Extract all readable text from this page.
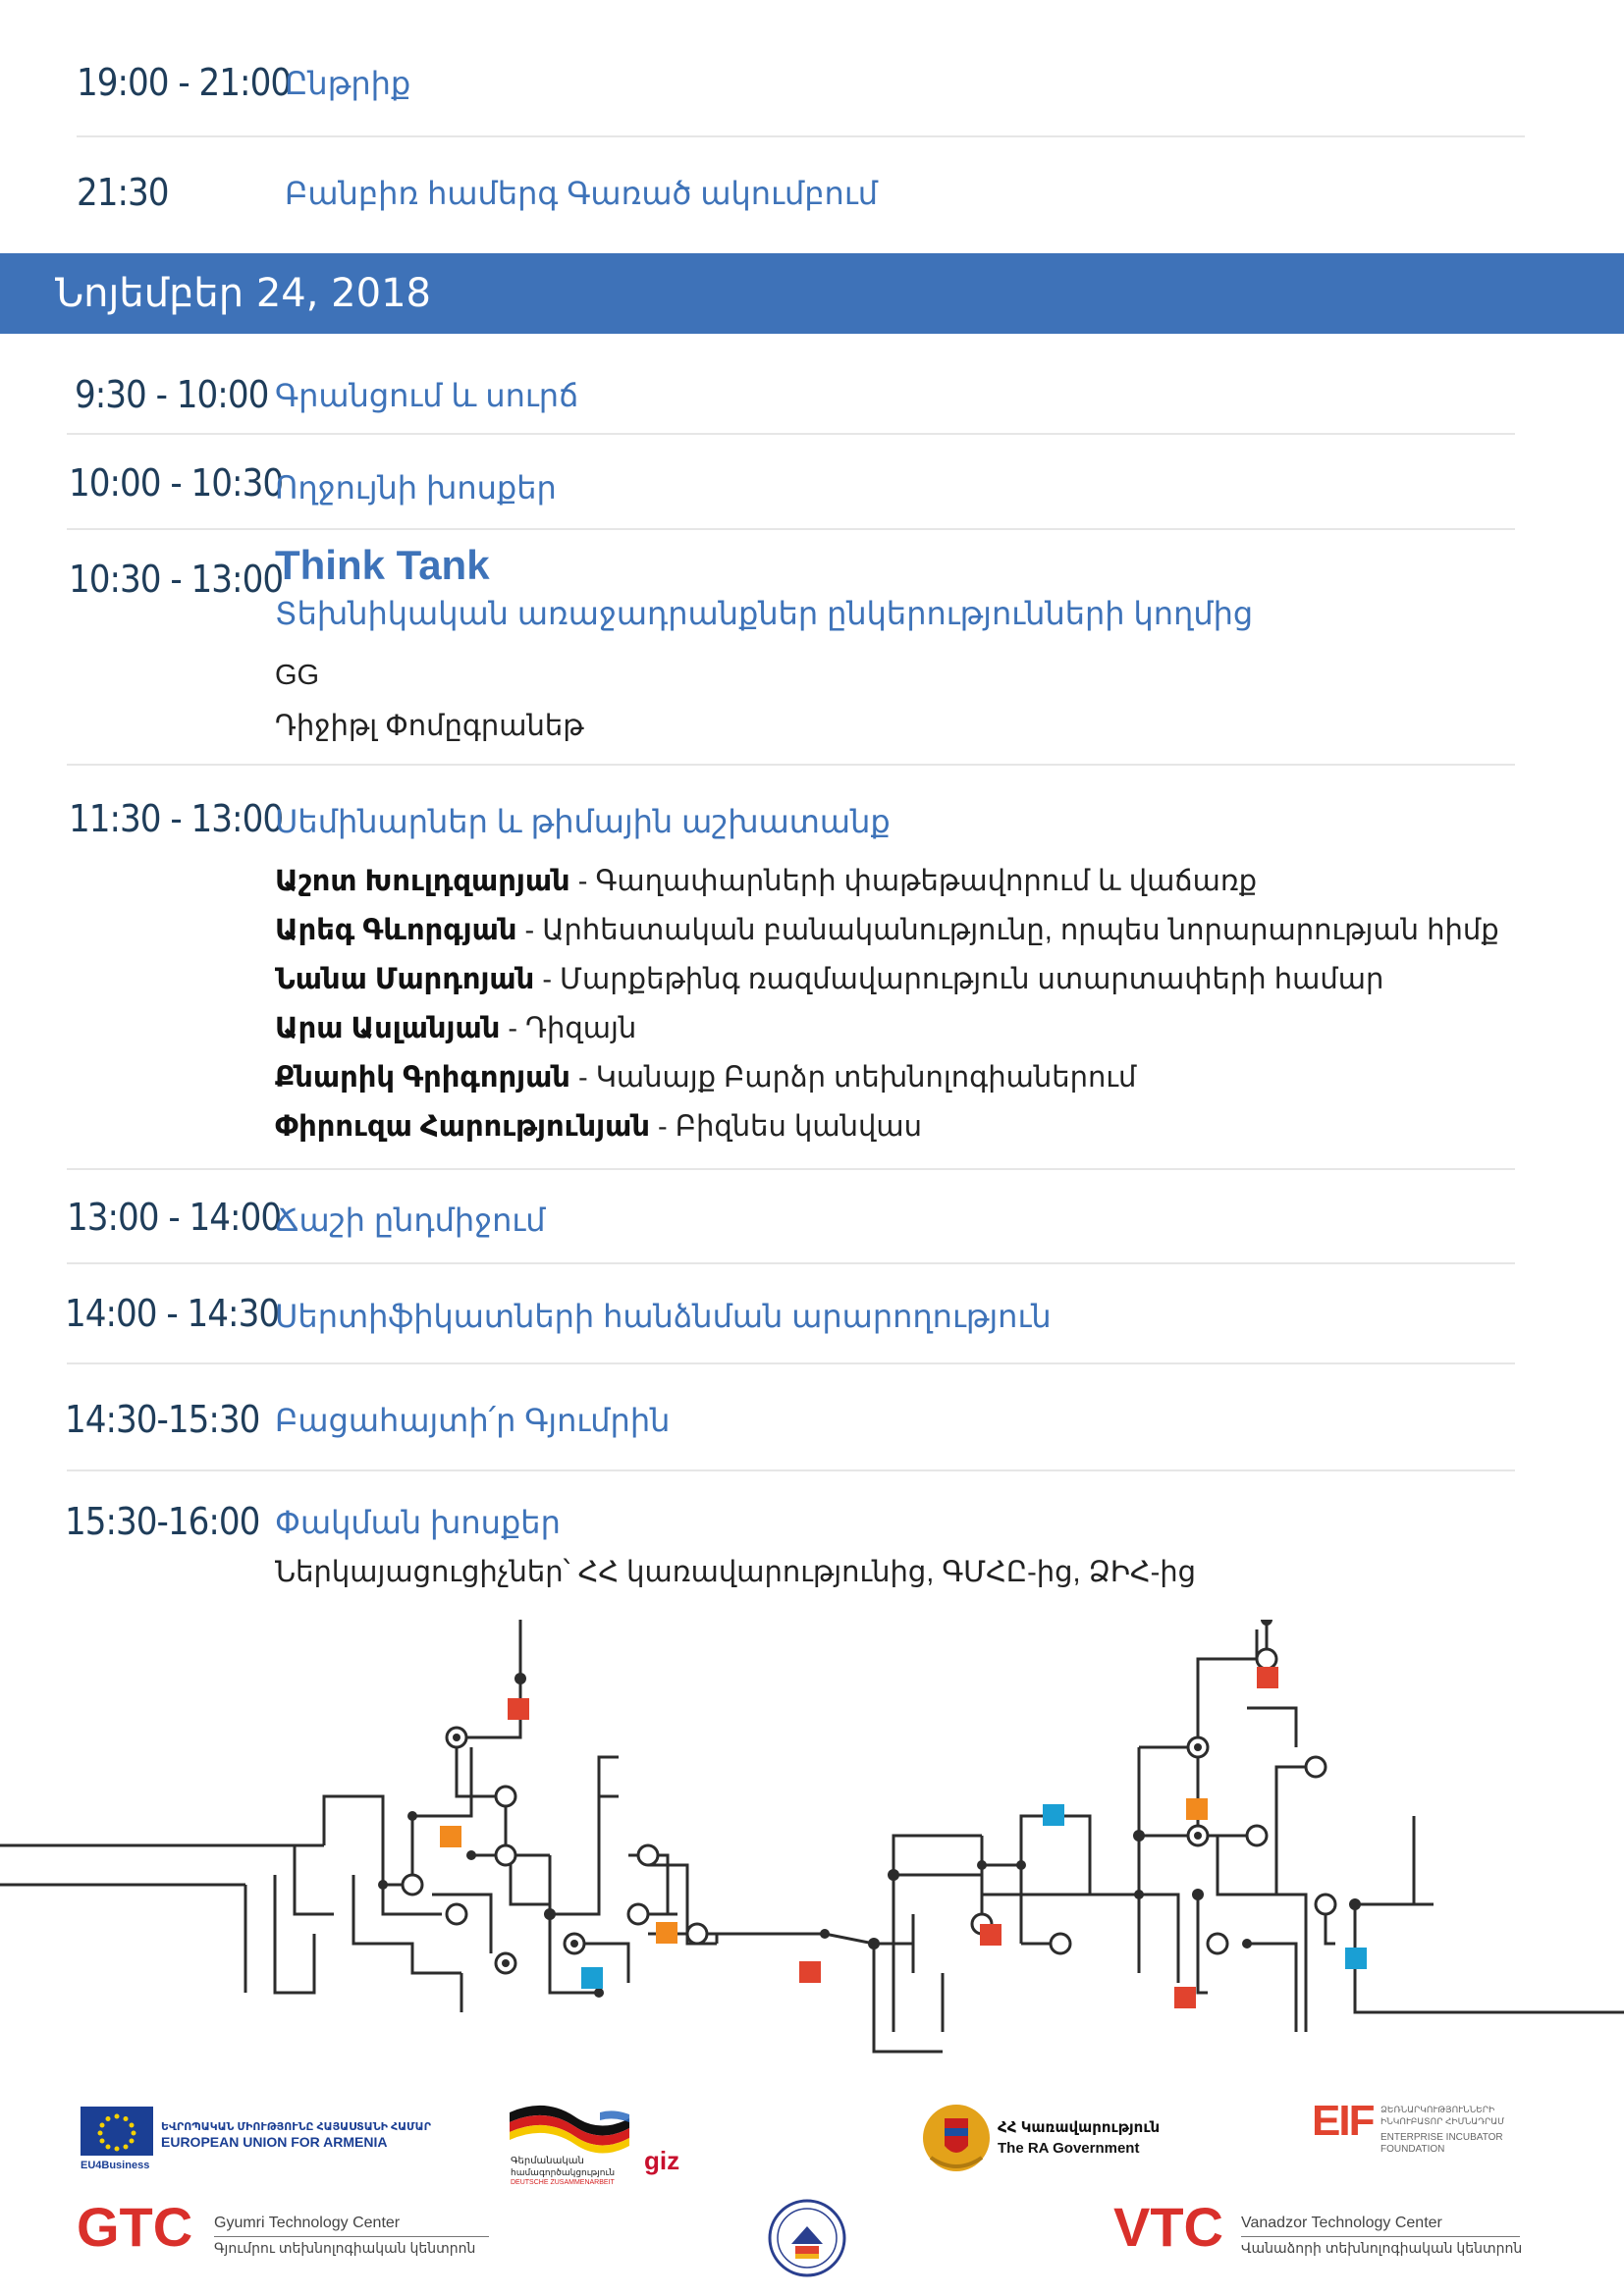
19:00 - 21:00
Ընթրիք
21:30	Բանբիռ համերգ Գառած ակումբում
Նոյեմբեր 24, 2018
9:30 - 10:00 Գրանցում և սուրճ
10:00 - 10:30
Ողջույնի խոսքեր
10:30 - 13:00
Think Tank
Տեխնիկական առաջադրանքներ ընկերությունների կողմից
GG
Դիջիթլ Փոմըգրանեթ
11:30 - 13:00
Սեմինարներ և թիմային աշխատանք
Աշոտ Խուլդզարյան - Գաղափարների փաթեթավորում և վաճառք
Արեգ Գևորգյան - Արհեստական բանականությունը, որպես նորարարության հիմք
Նանա Մարդոյան - Մարքեթինգ ռազմավարություն ստարտափերի համար
Արա Ասլանյան - Դիզայն
Քնարիկ Գրիգորյան - Կանայք Բարձր տեխնոլոգիաներում
Փիրուզա Հարությունյան - Բիզնես կանվաս
13:00 - 14:00
Ճաշի ընդմիջում
14:00 - 14:30
Սերտիֆիկատների հանձնման արարողություն
14:30-15:30 Բացահայտի՛ր Գյումրին
15:30-16:00 Փակման խոսքեր
Ներկայացուցիչներ՝ ՀՀ կառավարությունից, ԳՄՀԸ-ից, ՁԻՀ-ից
ԵՎՐՈՊԱԿԱՆ ՄԻՈՒԹՅՈՒՆԸ ՀԱՅԱՍՏԱՆԻ ՀԱՄԱՐ
EUROPEAN UNION FOR ARMENIA
EU4Business	Գերմանական
համագործակցություն
DEUTSCHE ZUSAMMENARBEIT
giz
ՀՀ Կառավարություն
The RA Government
EIF ՁԵՌՆԱՐԿՈՒԹՅՈՒՆՆԵՐԻ
ԻՆԿՈՒԲԱՏՈՐ ՀԻՄՆԱԴՐԱՄ
ENTERPRISE INCUBATOR
FOUNDATION
GTC Gyumri Technology Center
Գյումրու տեխնոլոգիական կենտրոն	VTC Vanadzor Technology Center
Վանաձորի տեխնոլոգիական կենտրոն
